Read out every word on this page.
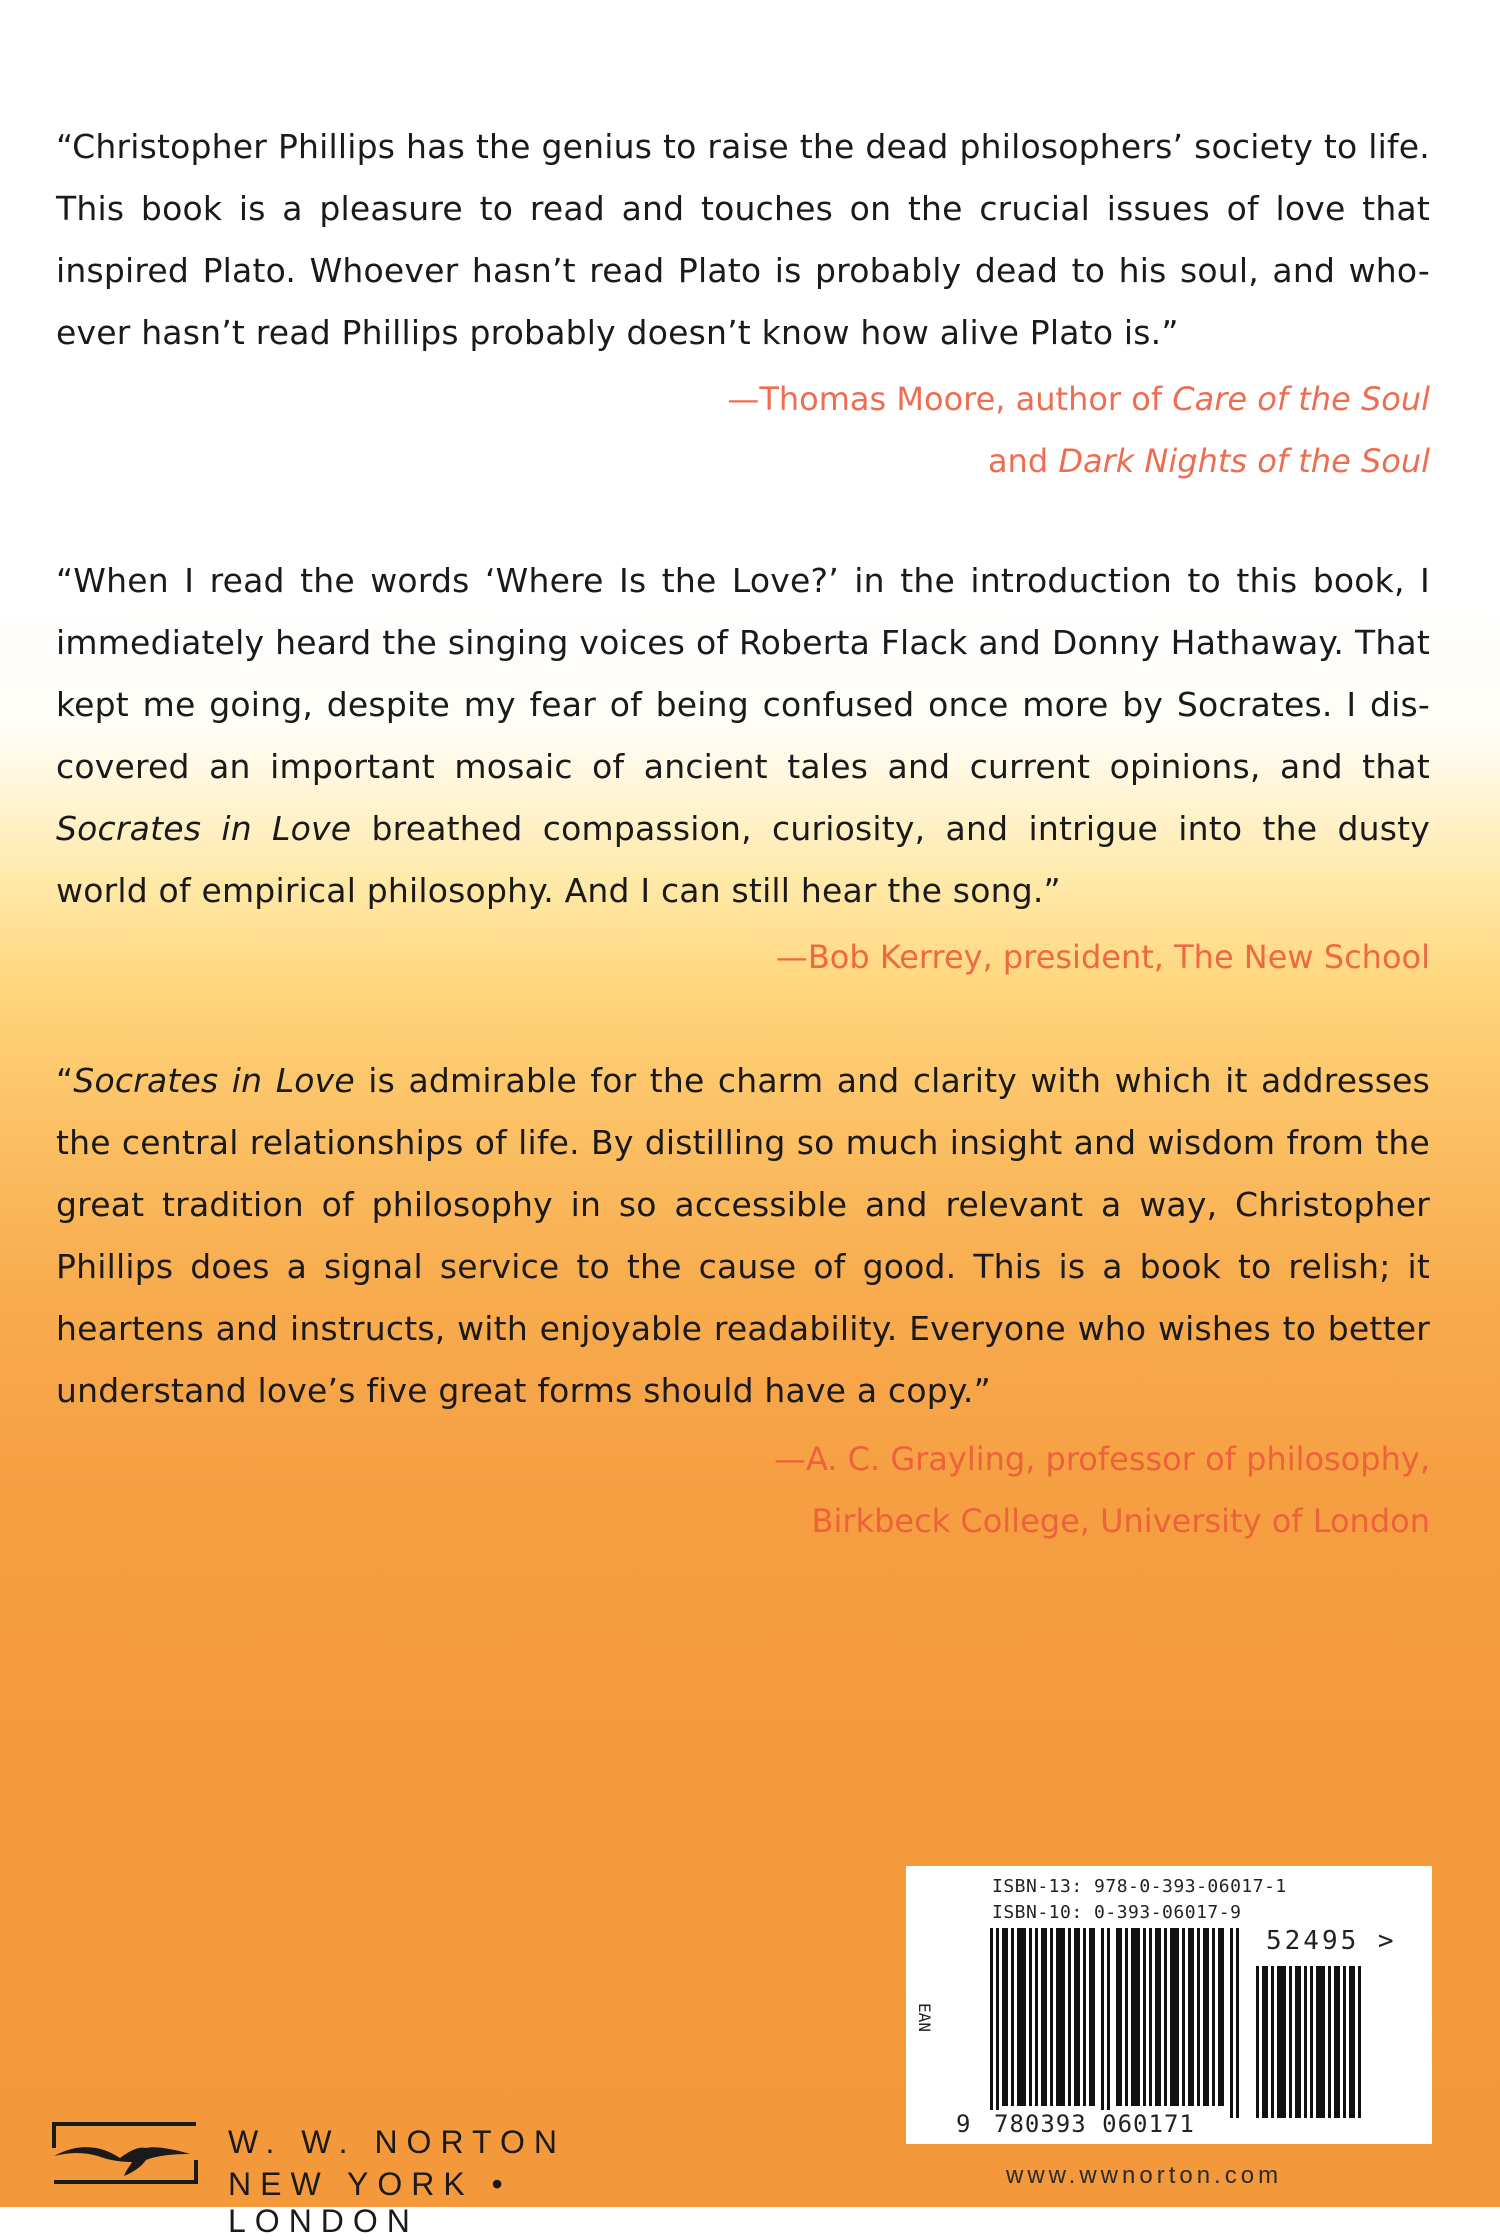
“Christopher Phillips has the genius to raise the dead philosophers’ society to life. This book is a pleasure to read and touches on the crucial issues of love that inspired Plato. Whoever hasn’t read Plato is probably dead to his soul, and who-ever hasn’t read Phillips probably doesn’t know how alive Plato is.”
—Thomas Moore, author of Care of the Soul
and Dark Nights of the Soul
“When I read the words ‘Where Is the Love?’ in the introduction to this book, I immediately heard the singing voices of Roberta Flack and Donny Hathaway. That kept me going, despite my fear of being confused once more by Socrates. I dis-covered an important mosaic of ancient tales and current opinions, and that Socrates in Love breathed compassion, curiosity, and intrigue into the dusty world of empirical philosophy. And I can still hear the song.”
—Bob Kerrey, president, The New School
“Socrates in Love is admirable for the charm and clarity with which it addresses the central relationships of life. By distilling so much insight and wisdom from the great tradition of philosophy in so accessible and relevant a way, Christopher Phillips does a signal service to the cause of good. This is a book to relish; it heartens and instructs, with enjoyable readability. Everyone who wishes to better understand love’s five great forms should have a copy.”
—A. C. Grayling, professor of philosophy,
Birkbeck College, University of London
W. W. NORTON
NEW YORK • LONDON
ISBN-13: 978-0-393-06017-1
ISBN-10: 0-393-06017-9
EAN
52495 >
9 780393 060171
www.wwnorton.com
